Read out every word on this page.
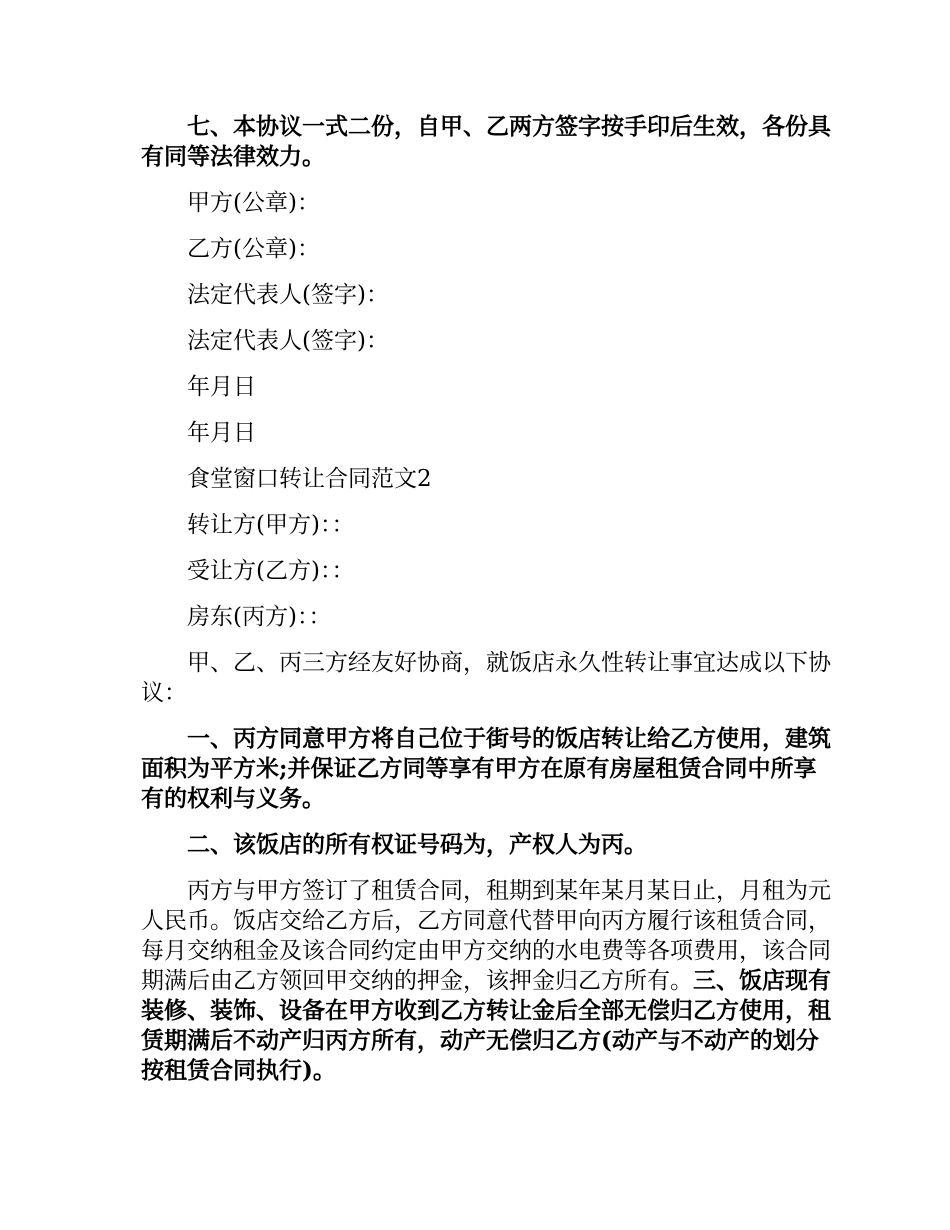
七、本协议一式二份，自甲、乙两方签字按手印后生效，各份具有同等法律效力。

甲方(公章)：

乙方(公章)：

法定代表人(签字)：

法定代表人(签字)：

年月日

年月日

食堂窗口转让合同范文2

转让方(甲方)：：

受让方(乙方)：：

房东(丙方)：：

甲、乙、丙三方经友好协商，就饭店永久性转让事宜达成以下协议：

一、丙方同意甲方将自己位于街号的饭店转让给乙方使用，建筑面积为平方米;并保证乙方同等享有甲方在原有房屋租赁合同中所享有的权利与义务。

二、该饭店的所有权证号码为，产权人为丙。

丙方与甲方签订了租赁合同，租期到某年某月某日止，月租为元人民币。饭店交给乙方后，乙方同意代替甲向丙方履行该租赁合同，每月交纳租金及该合同约定由甲方交纳的水电费等各项费用，该合同期满后由乙方领回甲交纳的押金，该押金归乙方所有。三、饭店现有装修、装饰、设备在甲方收到乙方转让金后全部无偿归乙方使用，租赁期满后不动产归丙方所有，动产无偿归乙方(动产与不动产的划分按租赁合同执行)。
